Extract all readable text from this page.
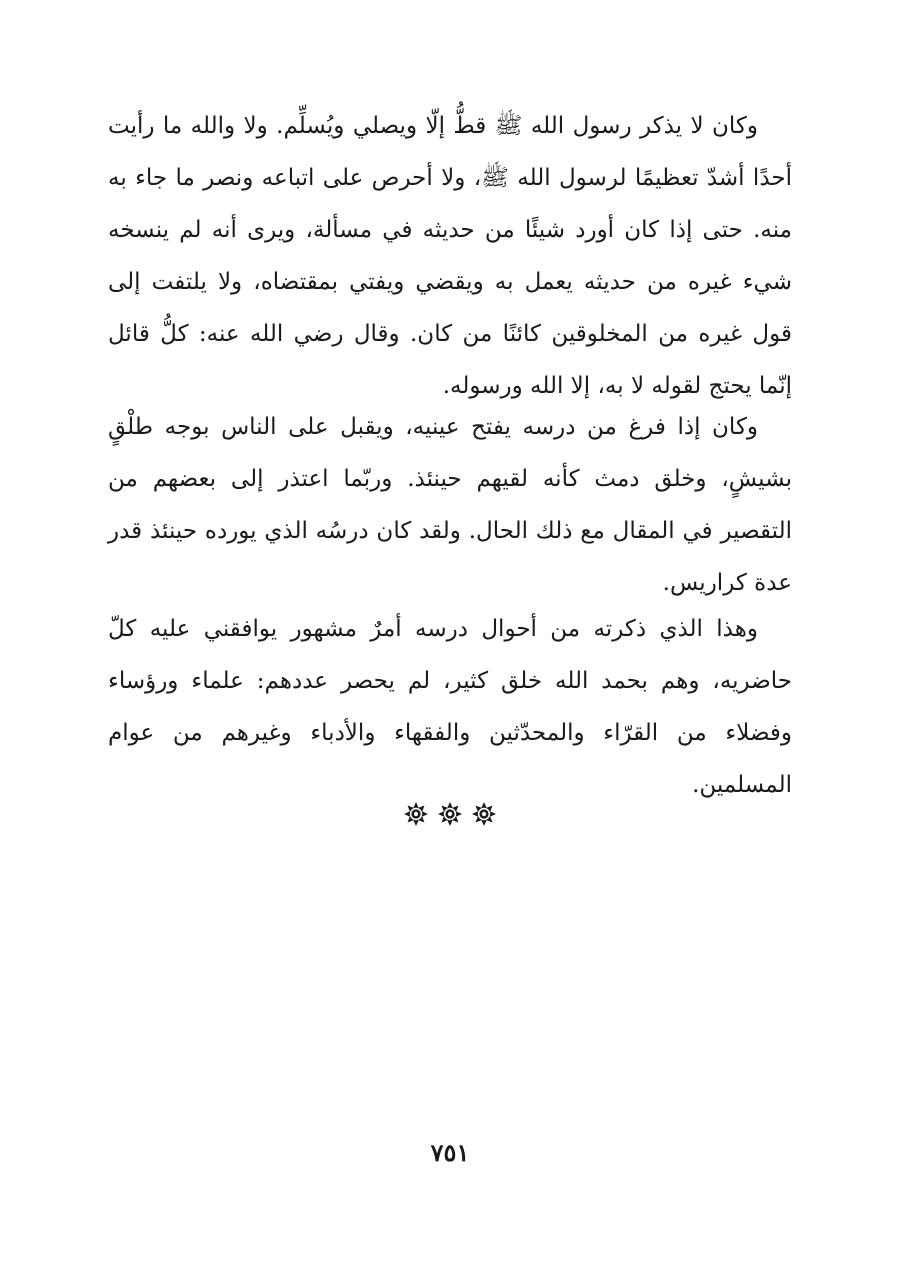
وكان لا يذكر رسول الله ﷺ قطُّ إلّا ويصلي ويُسلِّم. ولا والله ما رأيت أحدًا أشدّ تعظيمًا لرسول الله ﷺ، ولا أحرص على اتباعه ونصر ما جاء به منه. حتى إذا كان أورد شيئًا من حديثه في مسألة، ويرى أنه لم ينسخه شيء غيره من حديثه يعمل به ويقضي ويفتي بمقتضاه، ولا يلتفت إلى قول غيره من المخلوقين كائنًا من كان. وقال رضي الله عنه: كلُّ قائل إنّما يحتج لقوله لا به، إلا الله ورسوله.

وكان إذا فرغ من درسه يفتح عينيه، ويقبل على الناس بوجه طلْقٍ بشيشٍ، وخلق دمث كأنه لقيهم حينئذ. وربّما اعتذر إلى بعضهم من التقصير في المقال مع ذلك الحال. ولقد كان درسُه الذي يورده حينئذ قدر عدة كراريس.

وهذا الذي ذكرته من أحوال درسه أمرٌ مشهور يوافقني عليه كلّ حاضريه، وهم بحمد الله خلق كثير، لم يحصر عددهم: علماء ورؤساء وفضلاء من القرّاء والمحدّثين والفقهاء والأدباء وغيرهم من عوام المسلمين.

٧٥١
